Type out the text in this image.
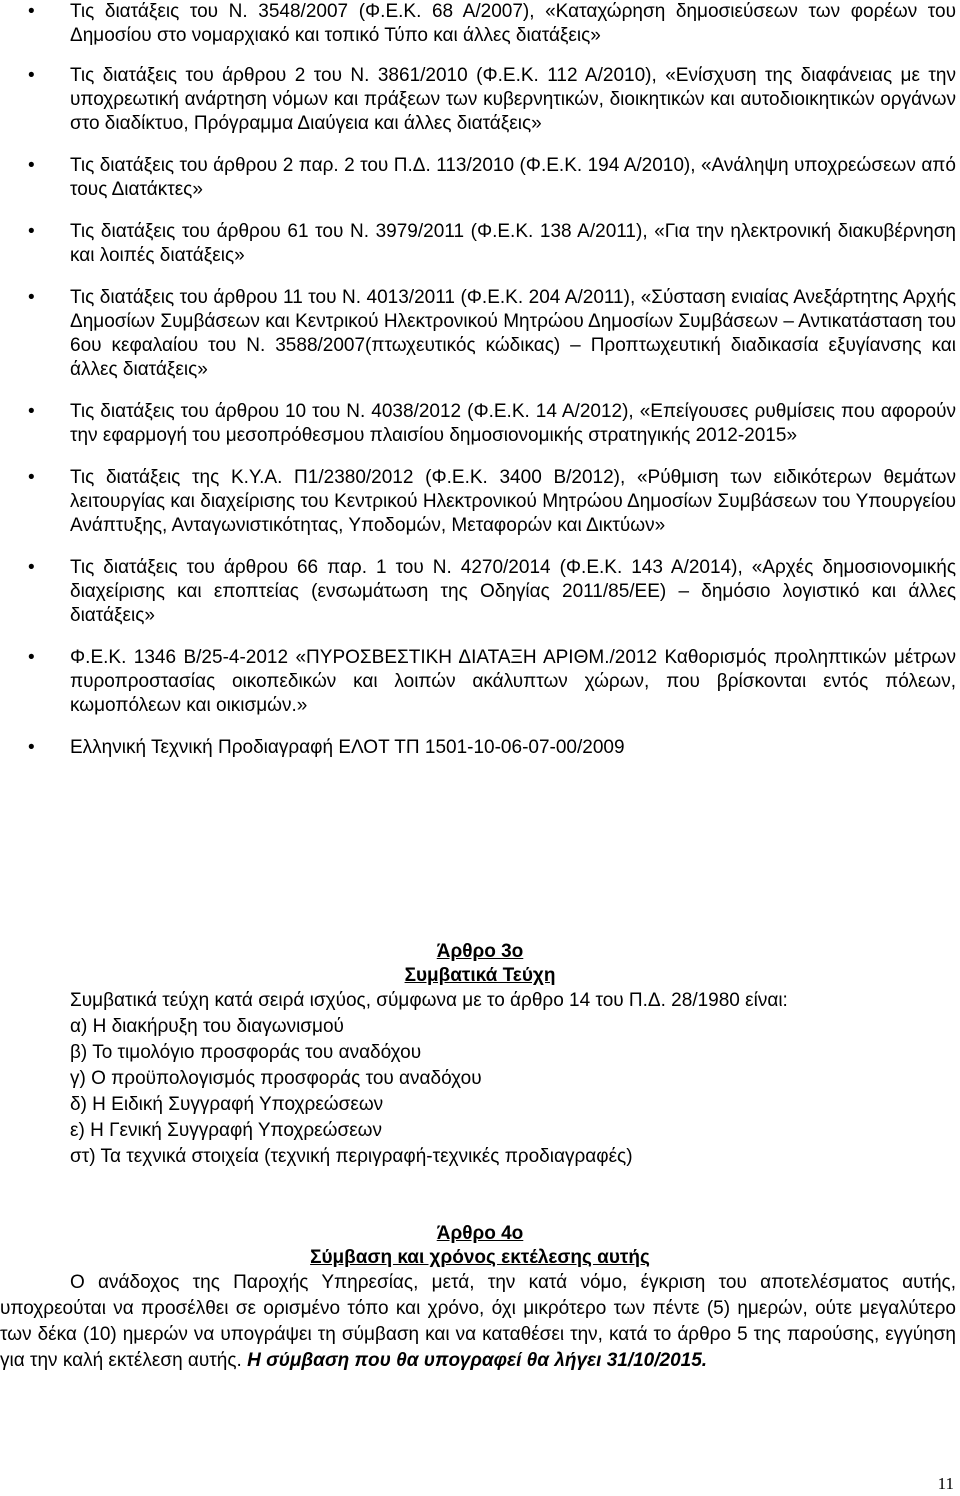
• Τις διατάξεις του Ν. 3548/2007 (Φ.Ε.Κ. 68 Α/2007), «Καταχώρηση δημοσιεύσεων των φορέων του Δημοσίου στο νομαρχιακό και τοπικό Τύπο και άλλες διατάξεις»
• Τις διατάξεις του άρθρου 2 του Ν. 3861/2010 (Φ.Ε.Κ. 112 Α/2010), «Ενίσχυση της διαφάνειας με την υποχρεωτική ανάρτηση νόμων και πράξεων των κυβερνητικών, διοικητικών και αυτοδιοικητικών οργάνων στο διαδίκτυο, Πρόγραμμα Διαύγεια και άλλες διατάξεις»
• Τις διατάξεις του άρθρου 2 παρ. 2 του Π.Δ. 113/2010 (Φ.Ε.Κ. 194 Α/2010), «Ανάληψη υποχρεώσεων από τους Διατάκτες»
• Τις διατάξεις του άρθρου 61 του Ν. 3979/2011 (Φ.Ε.Κ. 138 Α/2011), «Για την ηλεκτρονική διακυβέρνηση και λοιπές διατάξεις»
• Τις διατάξεις του άρθρου 11 του Ν. 4013/2011 (Φ.Ε.Κ. 204 Α/2011), «Σύσταση ενιαίας Ανεξάρτητης Αρχής Δημοσίων Συμβάσεων και Κεντρικού Ηλεκτρονικού Μητρώου Δημοσίων Συμβάσεων – Αντικατάσταση του 6ου κεφαλαίου του Ν. 3588/2007(πτωχευτικός κώδικας) – Προπτωχευτική διαδικασία εξυγίανσης και άλλες διατάξεις»
• Τις διατάξεις του άρθρου 10 του Ν. 4038/2012 (Φ.Ε.Κ. 14 Α/2012), «Επείγουσες ρυθμίσεις που αφορούν την εφαρμογή του μεσοπρόθεσμου πλαισίου δημοσιονομικής στρατηγικής 2012-2015»
• Τις διατάξεις της Κ.Υ.Α. Π1/2380/2012 (Φ.Ε.Κ. 3400 Β/2012), «Ρύθμιση των ειδικότερων θεμάτων λειτουργίας και διαχείρισης του Κεντρικού Ηλεκτρονικού Μητρώου Δημοσίων Συμβάσεων του Υπουργείου Ανάπτυξης, Ανταγωνιστικότητας, Υποδομών, Μεταφορών και Δικτύων»
• Τις διατάξεις του άρθρου 66 παρ. 1 του Ν. 4270/2014 (Φ.Ε.Κ. 143 Α/2014), «Αρχές δημοσιονομικής διαχείρισης και εποπτείας (ενσωμάτωση της Οδηγίας 2011/85/ΕΕ) – δημόσιο λογιστικό και άλλες διατάξεις»
• Φ.Ε.Κ. 1346 Β/25-4-2012 «ΠΥΡΟΣΒΕΣΤΙΚΗ ΔΙΑΤΑΞΗ ΑΡΙΘΜ./2012 Καθορισμός προληπτικών μέτρων πυροπροστασίας οικοπεδικών και λοιπών ακάλυπτων χώρων, που βρίσκονται εντός πόλεων, κωμοπόλεων και οικισμών.»
• Ελληνική Τεχνική Προδιαγραφή ΕΛΟΤ ΤΠ 1501-10-06-07-00/2009
Άρθρο 3ο
Συμβατικά Τεύχη
Συμβατικά τεύχη κατά σειρά ισχύος, σύμφωνα με το άρθρο 14 του Π.Δ. 28/1980 είναι:
α) Η διακήρυξη του διαγωνισμού
β) Το τιμολόγιο προσφοράς του αναδόχου
γ) Ο προϋπολογισμός προσφοράς του αναδόχου
δ) Η Ειδική Συγγραφή Υποχρεώσεων
ε) Η Γενική Συγγραφή Υποχρεώσεων
στ) Τα τεχνικά στοιχεία (τεχνική περιγραφή-τεχνικές προδιαγραφές)
Άρθρο 4ο
Σύμβαση και χρόνος εκτέλεσης αυτής

Ο ανάδοχος της Παροχής Υπηρεσίας, μετά, την κατά νόμο, έγκριση του αποτελέσματος αυτής, υποχρεούται να προσέλθει σε ορισμένο τόπο και χρόνο, όχι μικρότερο των πέντε (5) ημερών, ούτε μεγαλύτερο των δέκα (10) ημερών να υπογράψει τη σύμβαση και να καταθέσει την, κατά το άρθρο 5 της παρούσης, εγγύηση για την καλή εκτέλεση αυτής. Η σύμβαση που θα υπογραφεί θα λήγει 31/10/2015.

11
